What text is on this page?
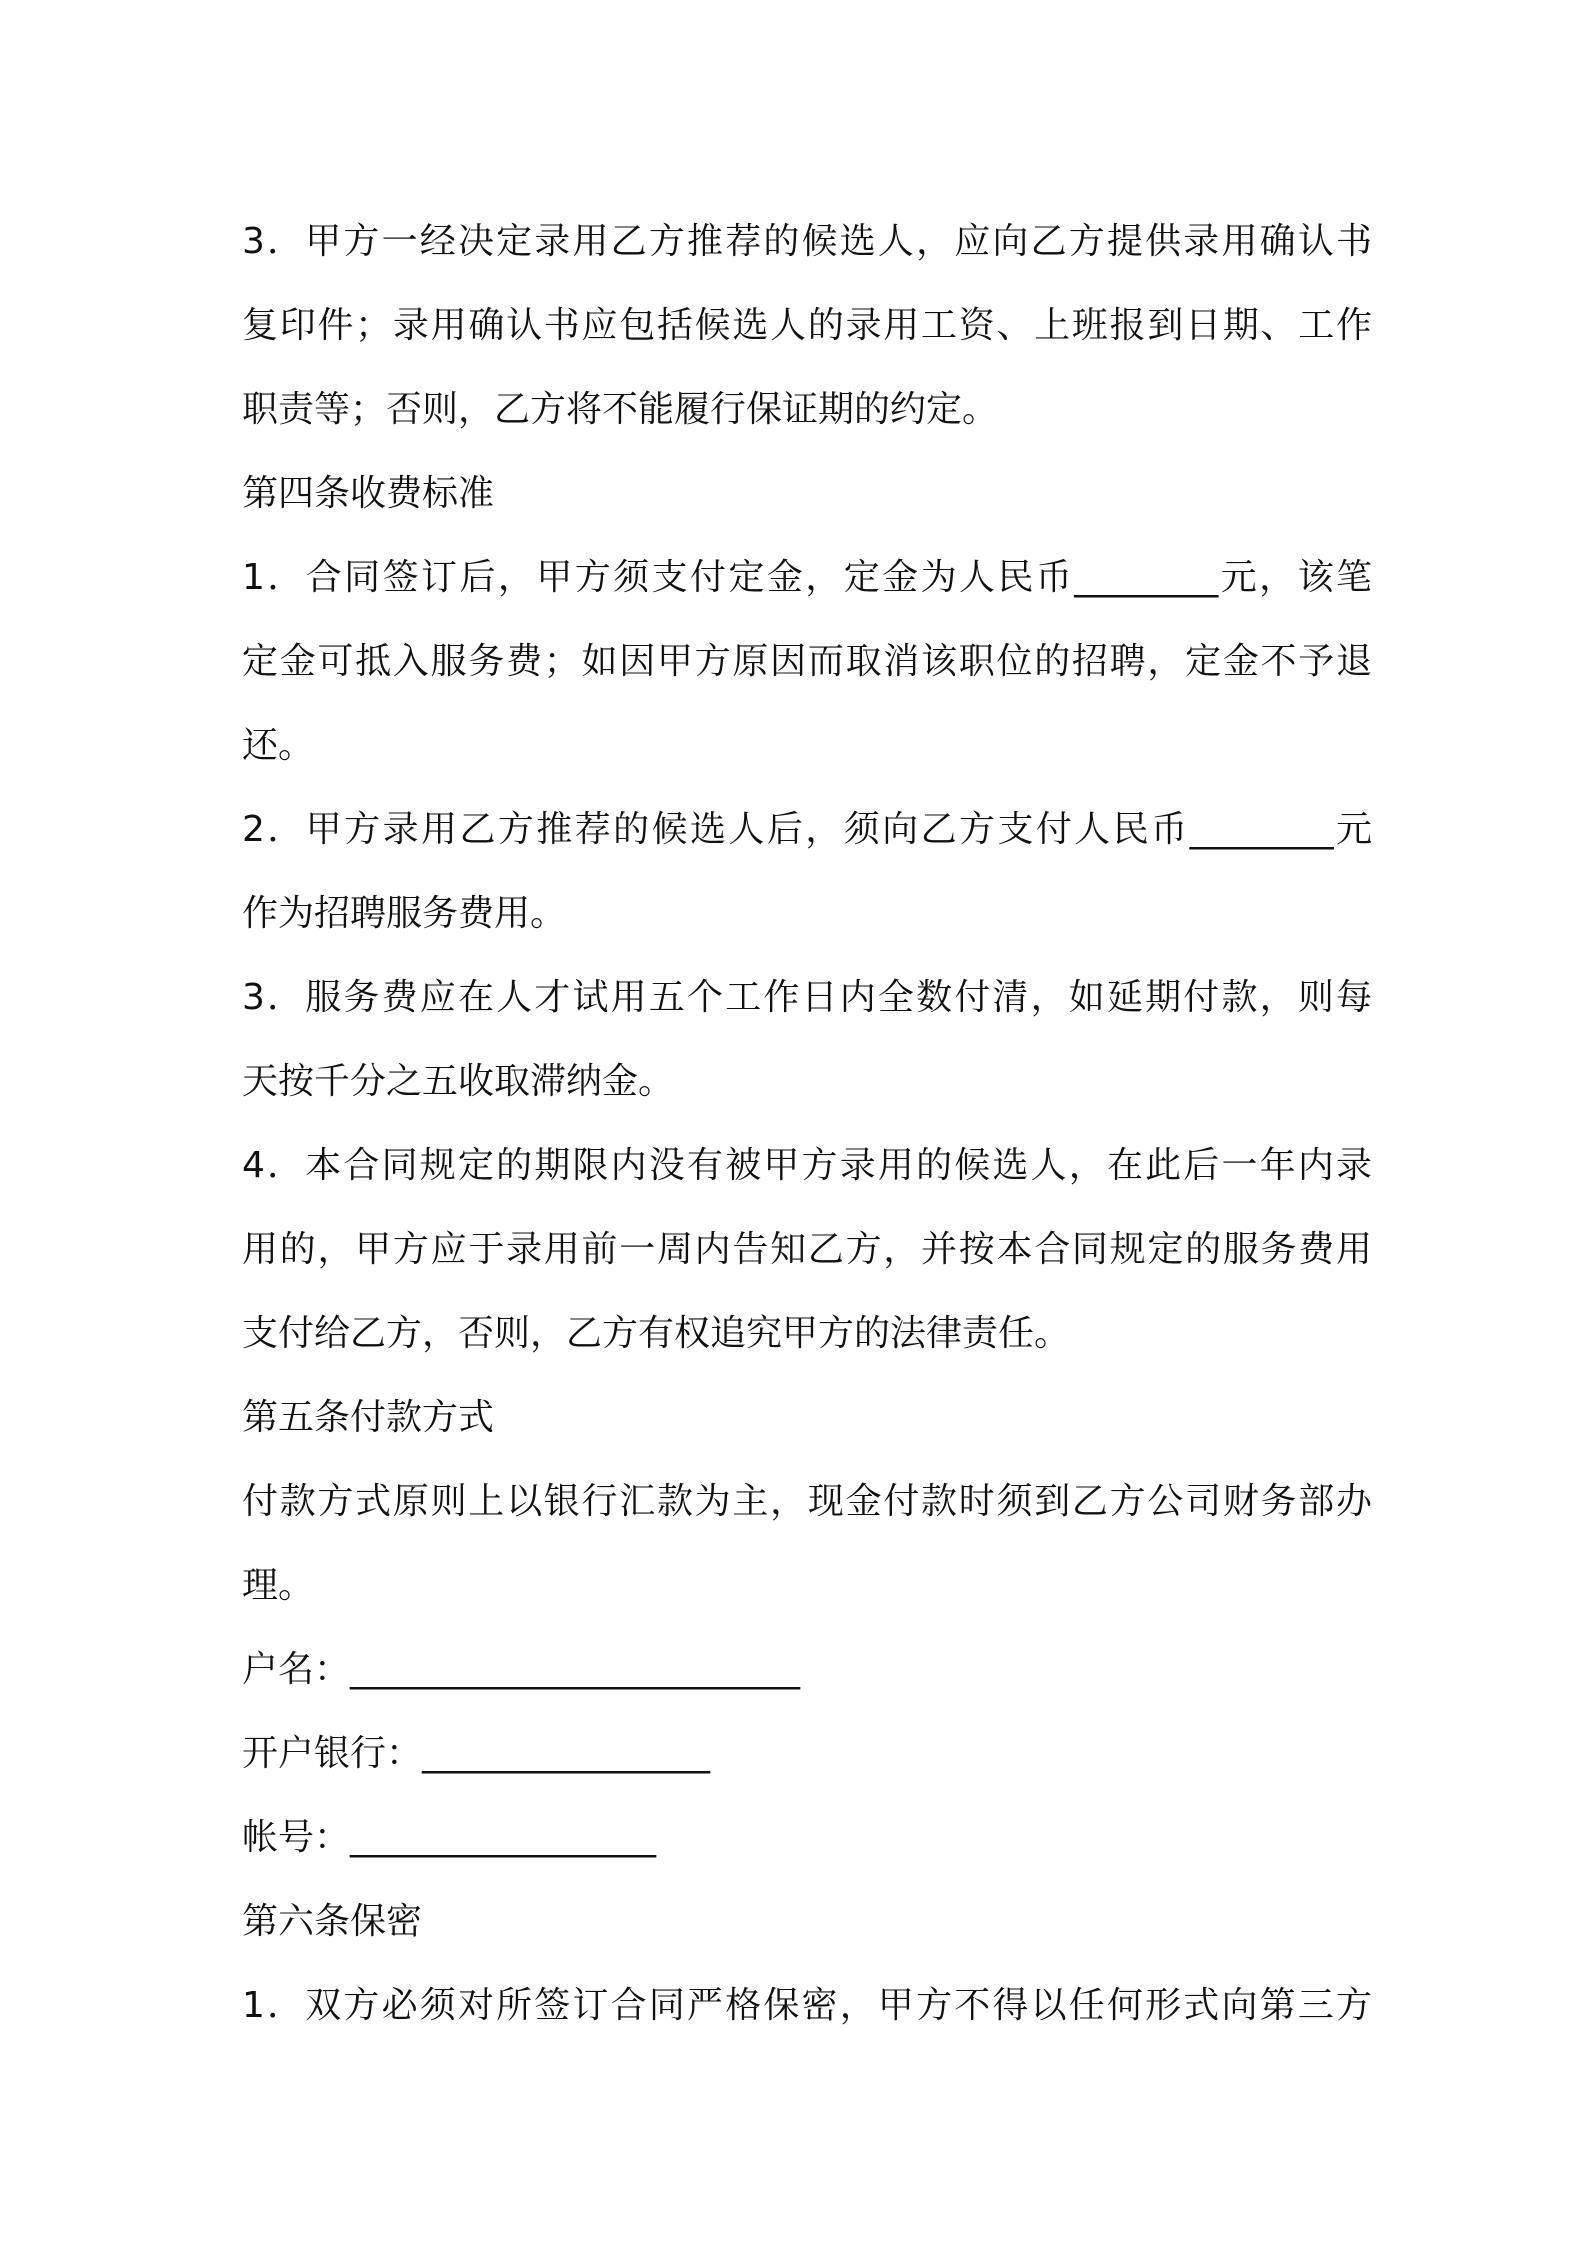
3．甲方一经决定录用乙方推荐的候选人，应向乙方提供录用确认书
复印件；录用确认书应包括候选人的录用工资、上班报到日期、工作
职责等；否则，乙方将不能履行保证期的约定。
第四条收费标准
1．合同签订后，甲方须支付定金，定金为人民币________元，该笔
定金可抵入服务费；如因甲方原因而取消该职位的招聘，定金不予退
还。
2．甲方录用乙方推荐的候选人后，须向乙方支付人民币________元
作为招聘服务费用。
3．服务费应在人才试用五个工作日内全数付清，如延期付款，则每
天按千分之五收取滞纳金。
4．本合同规定的期限内没有被甲方录用的候选人，在此后一年内录
用的，甲方应于录用前一周内告知乙方，并按本合同规定的服务费用
支付给乙方，否则，乙方有权追究甲方的法律责任。
第五条付款方式
付款方式原则上以银行汇款为主，现金付款时须到乙方公司财务部办
理。
户名：_________________________
开户银行：________________
帐号：_________________
第六条保密
1．双方必须对所签订合同严格保密，甲方不得以任何形式向第三方
